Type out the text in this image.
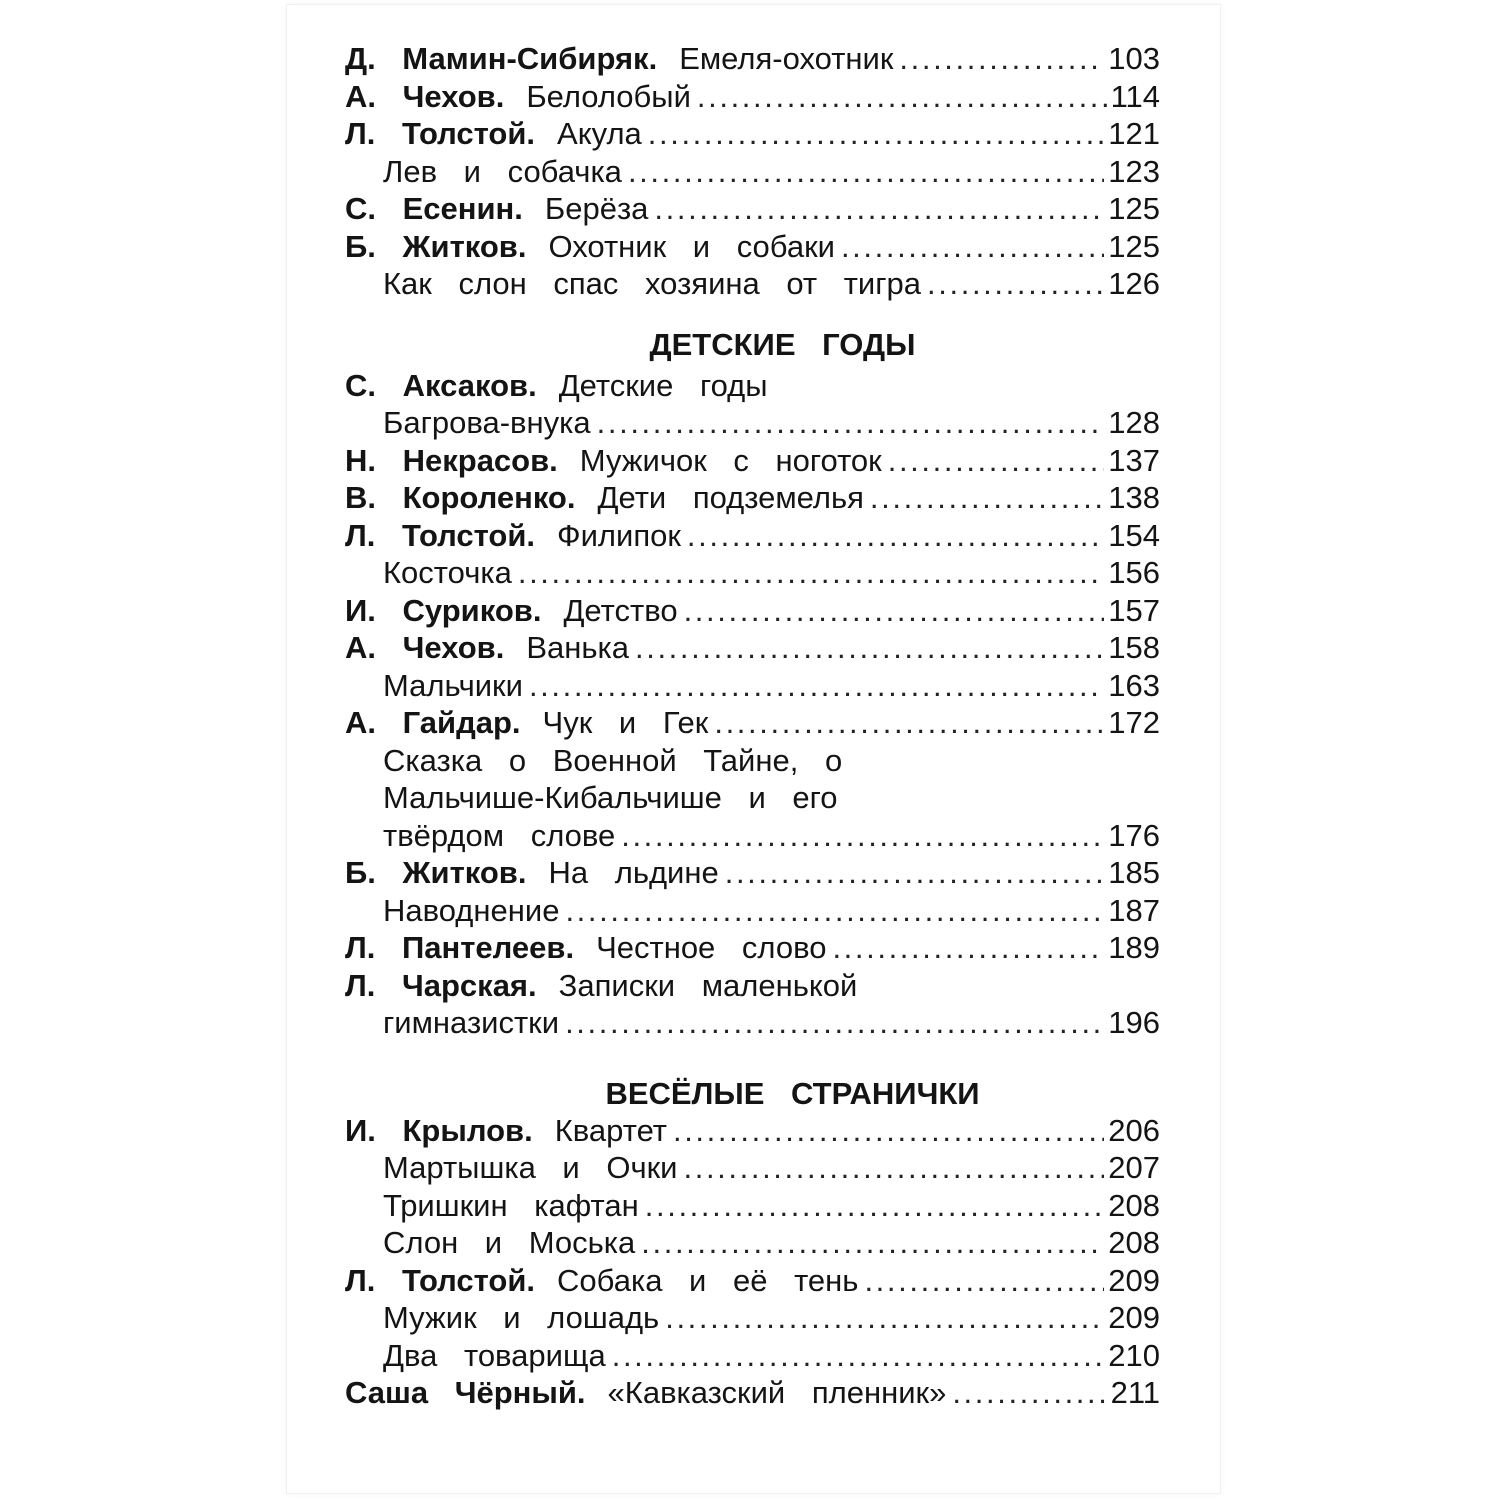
Д. Мамин-Сибиряк. Емеля-охотник . . .	103
А. Чехов. Белолобый . . .	114
Л. Толстой. Акула . . .	121
Лев и собачка . . .	123
С. Есенин. Берёза . . .	125
Б. Житков. Охотник и собаки . . .	125
Как слон спас хозяина от тигра . . .	126
ДЕТСКИЕ ГОДЫ
С. Аксаков. Детские годы
Багрова-внука . . .	128
Н. Некрасов. Мужичок с ноготок . . .	137
В. Короленко. Дети подземелья . . .	138
Л. Толстой. Филипок . . .	154
Косточка . . .	156
И. Суриков. Детство . . .	157
А. Чехов. Ванька . . .	158
Мальчики . . .	163
А. Гайдар. Чук и Гек . . .	172
Сказка о Военной Тайне, о
Мальчише-Кибальчише и его
твёрдом слове . . .	176
Б. Житков. На льдине . . .	185
Наводнение . . .	187
Л. Пантелеев. Честное слово . . .	189
Л. Чарская. Записки маленькой
гимназистки . . .	196
ВЕСЁЛЫЕ СТРАНИЧКИ
И. Крылов. Квартет . . .	206
Мартышка и Очки . . .	207
Тришкин кафтан . . .	208
Слон и Моська . . .	208
Л. Толстой. Собака и её тень . . .	209
Мужик и лошадь . . .	209
Два товарища . . .	210
Саша Чёрный. «Кавказский пленник» . . .	211
